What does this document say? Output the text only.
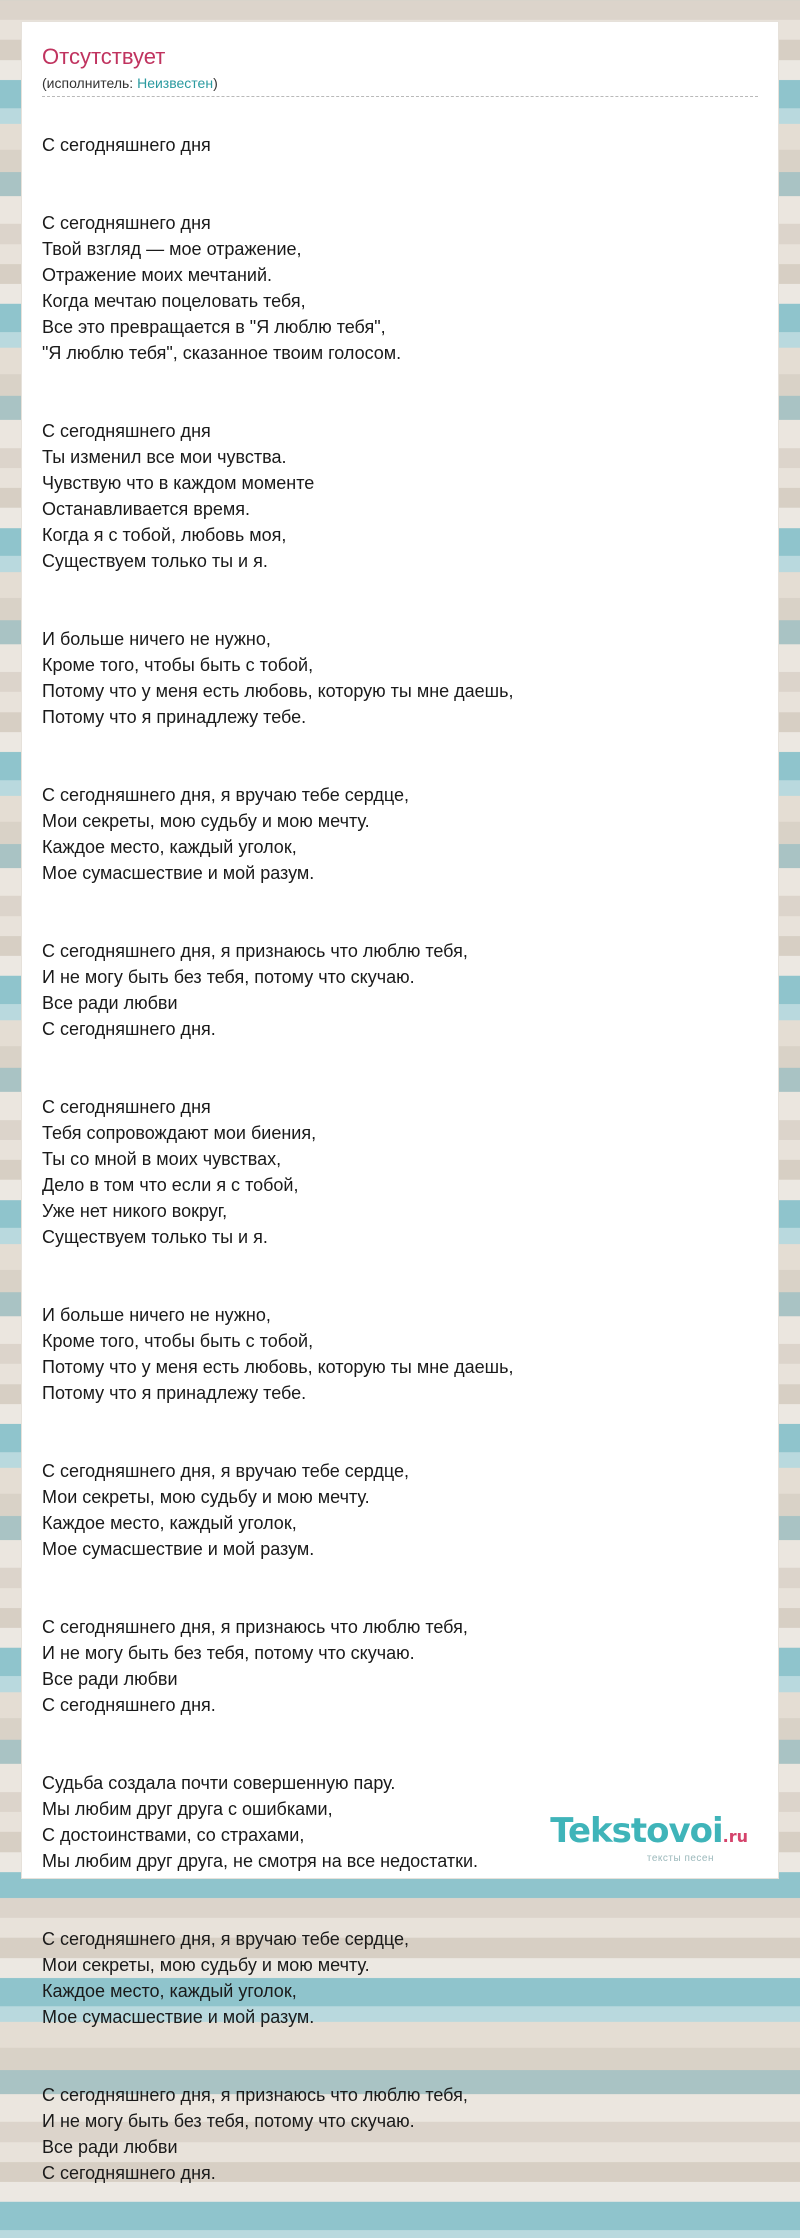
Отсутствует
(исполнитель: Неизвестен)

С сегодняшнего дня

С сегодняшнего дня
Твой взгляд — мое отражение,
Отражение моих мечтаний.
Когда мечтаю поцеловать тебя,
Все это превращается в "Я люблю тебя",
"Я люблю тебя", сказанное твоим голосом.

С сегодняшнего дня
Ты изменил все мои чувства.
Чувствую что в каждом моменте
Останавливается время.
Когда я с тобой, любовь моя,
Существуем только ты и я.

И больше ничего не нужно,
Кроме того, чтобы быть с тобой,
Потому что у меня есть любовь, которую ты мне даешь,
Потому что я принадлежу тебе.

С сегодняшнего дня, я вручаю тебе сердце,
Мои секреты, мою судьбу и мою мечту.
Каждое место, каждый уголок,
Мое сумасшествие и мой разум.

С сегодняшнего дня, я признаюсь что люблю тебя,
И не могу быть без тебя, потому что скучаю.
Все ради любви
С сегодняшнего дня.

С сегодняшнего дня
Тебя сопровождают мои биения,
Ты со мной в моих чувствах,
Дело в том что если я с тобой,
Уже нет никого вокруг,
Существуем только ты и я.

И больше ничего не нужно,
Кроме того, чтобы быть с тобой,
Потому что у меня есть любовь, которую ты мне даешь,
Потому что я принадлежу тебе.

С сегодняшнего дня, я вручаю тебе сердце,
Мои секреты, мою судьбу и мою мечту.
Каждое место, каждый уголок,
Мое сумасшествие и мой разум.

С сегодняшнего дня, я признаюсь что люблю тебя,
И не могу быть без тебя, потому что скучаю.
Все ради любви
С сегодняшнего дня.

Судьба создала почти совершенную пару.
Мы любим друг друга с ошибками,
С достоинствами, со страхами,
Мы любим друг друга, не смотря на все недостатки.

С сегодняшнего дня, я вручаю тебе сердце,
Мои секреты, мою судьбу и мою мечту.
Каждое место, каждый уголок,
Мое сумасшествие и мой разум.

С сегодняшнего дня, я признаюсь что люблю тебя,
И не могу быть без тебя, потому что скучаю.
Все ради любви
С сегодняшнего дня.

Tekstovoi.ru
тексты песен
